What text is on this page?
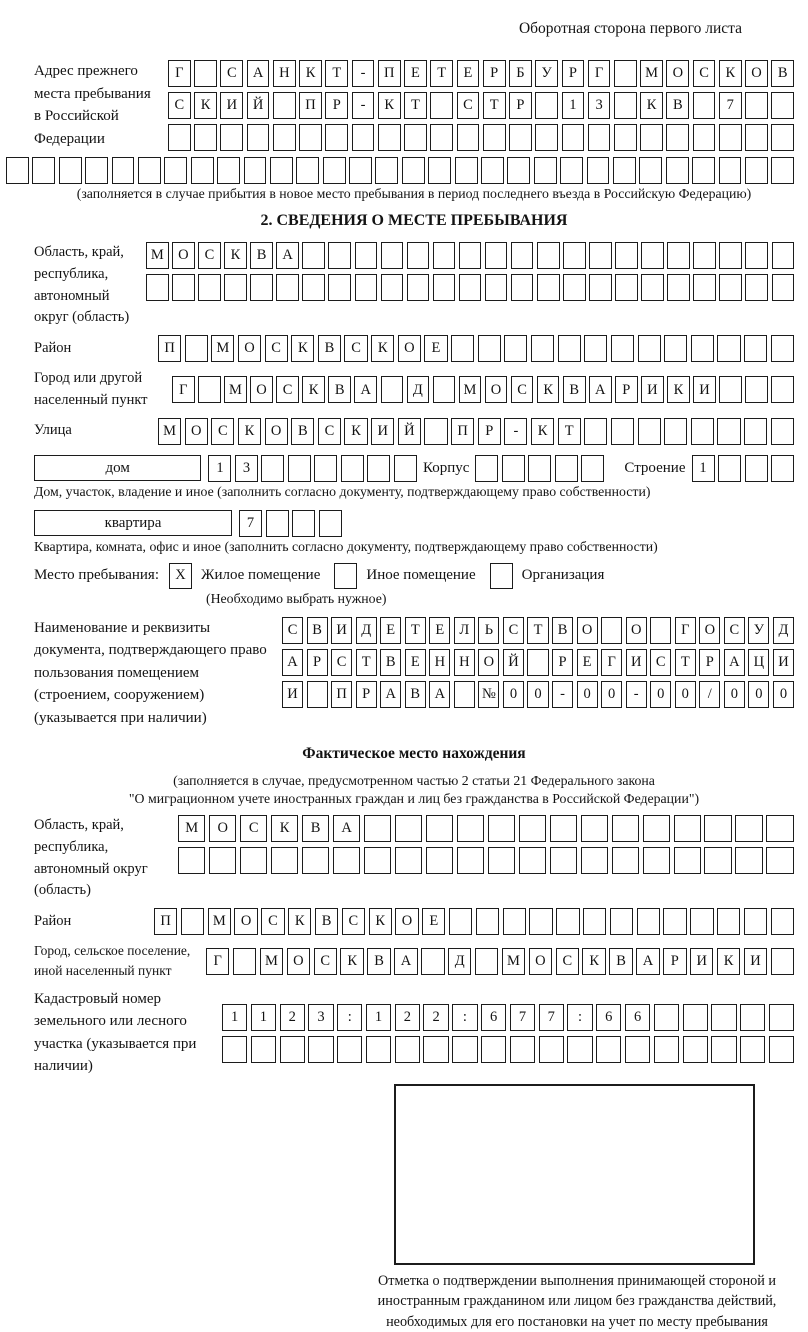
Оборотная сторона первого листа
Адрес прежнего места пребывания в Российской Федерации
Г	С	А	Н	К	Т	-	П	Е	Т	Е	Р	Б	У	Р	Г	М	О	С	К	О	В
С	К	И	Й	П	Р	-	К	Т	С	Т	Р	1	3	К	В	7
(заполняется в случае прибытия в новое место пребывания в период последнего въезда в Российскую Федерацию)
2. СВЕДЕНИЯ О МЕСТЕ ПРЕБЫВАНИЯ
Область, край, республика, автономный округ (область)
М О	С	К	В	А
Район	П	М	О	С	К	В	С	К	О	Е
Город или другой населенный пункт
Г	М О	С	К	В	А	Д	М О	С	К	В	А	Р	И	К	И
Улица	М	О	С	К	О	В	С	К	И	Й	П	Р	-	К	Т
дом	1	3	Корпус	Строение 1
Дом, участок, владение и иное (заполнить согласно документу, подтверждающему право собственности)
квартира	7
Квартира, комната, офис и иное (заполнить согласно документу, подтверждающему право собственности)
Место пребывания:	X	Жилое помещение	Иное помещение	Организация
(Необходимо выбрать нужное)
Наименование и реквизиты документа, подтверждающего право пользования помещением (строением, сооружением) (указывается при наличии)
С	В И Д	Е	Т	Е	Л	Ь	С	Т	В О	О	Г	О С	У Д
А	Р	С	Т	В	Е	Н Н О Й	Р	Е	Г	И С	Т	Р	А Ц И
И	П	Р	А В А	№ 0	0	-	0	0	-	0	0	/	0	0	0
Фактическое место нахождения
(заполняется в случае, предусмотренном частью 2 статьи 21 Федерального закона
"О миграционном учете иностранных граждан и лиц без гражданства в Российской Федерации")
Область, край, республика, автономный округ (область)
М	О	С	К	В	А
Район	П	М	О	С	К	В	С	К	О	Е
Город, сельское поселение, иной населенный пункт
Г	М	О	С	К	В	А	Д	М	О	С	К	В	А	Р	И	К	И
Кадастровый номер земельного или лесного участка (указывается при наличии)
1	1	2	3	:	1	2	2	:	6	7	7	:	6	6
Отметка о подтверждении выполнения принимающей стороной и иностранным гражданином или лицом без гражданства действий, необходимых для его постановки на учет по месту пребывания
